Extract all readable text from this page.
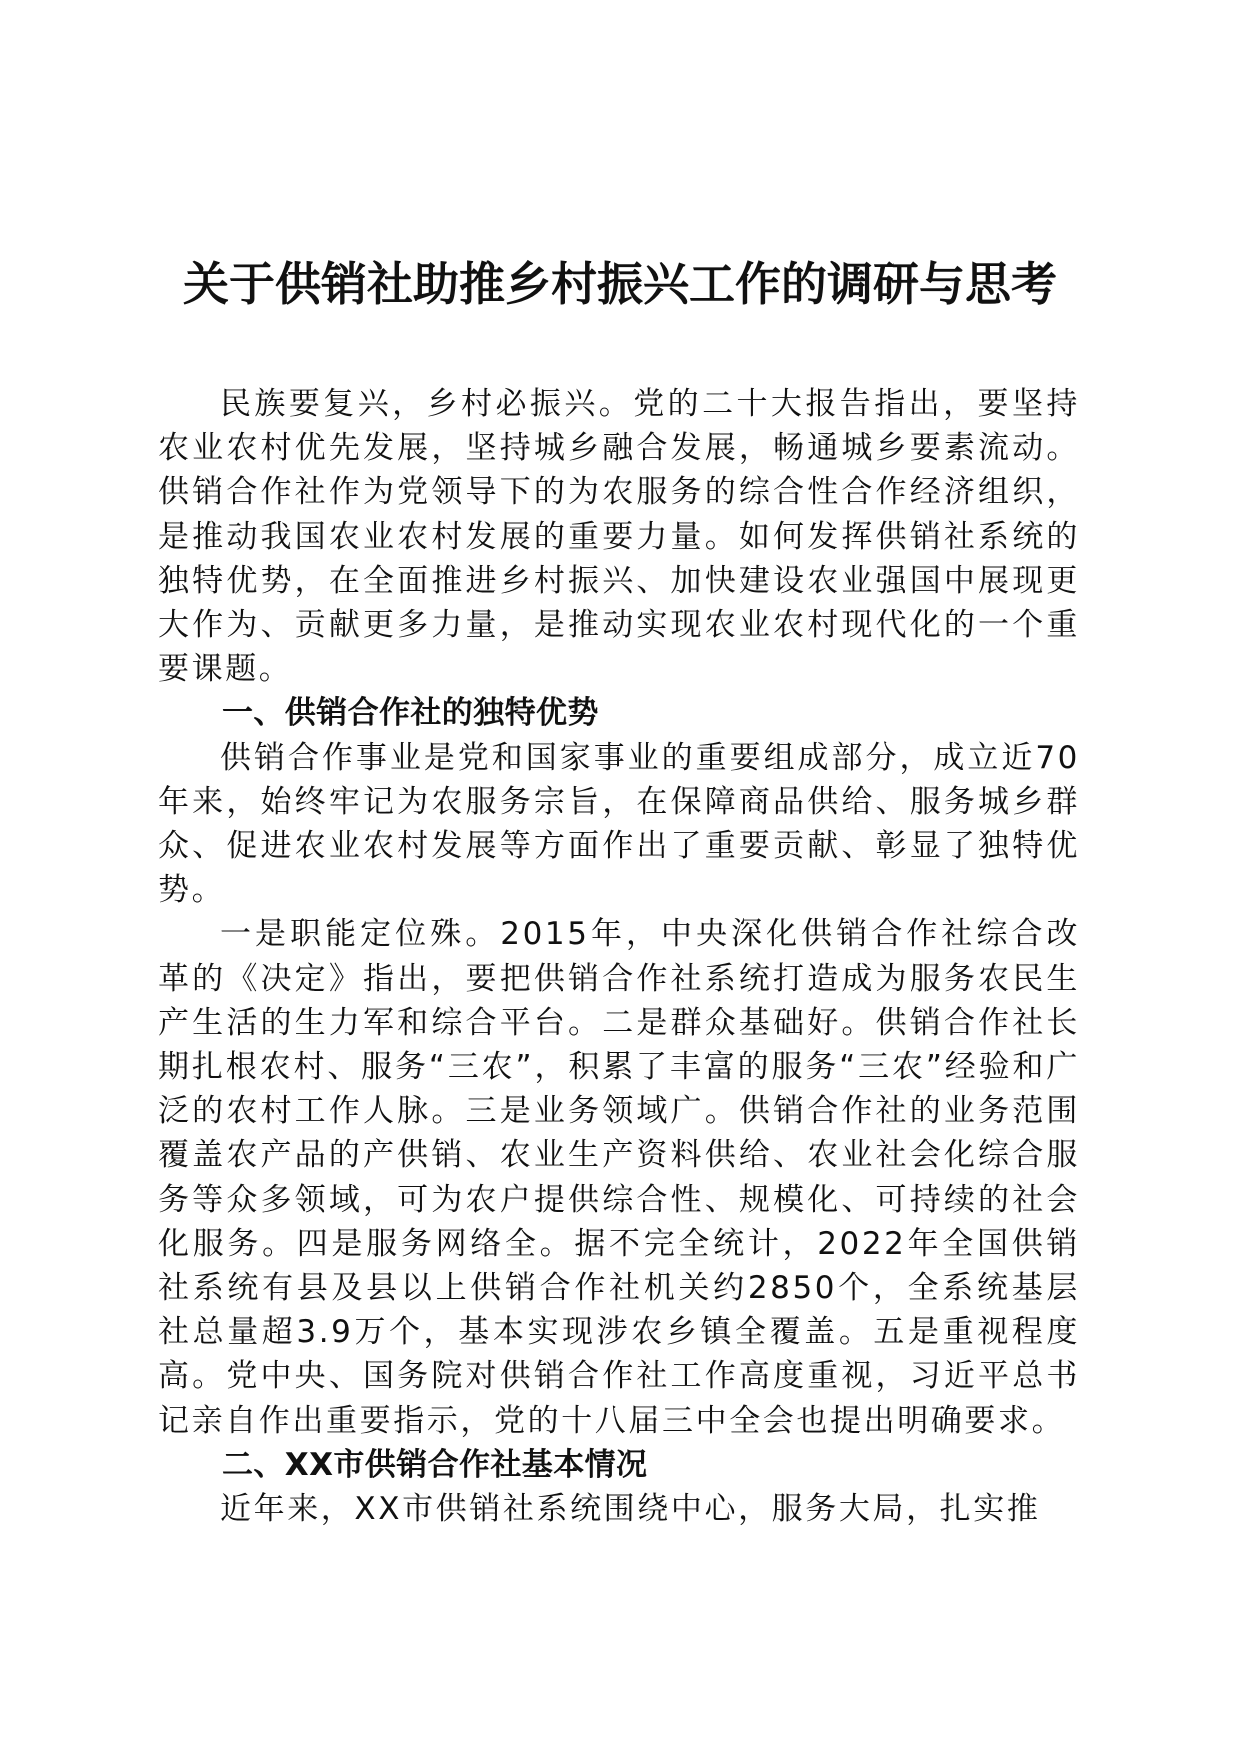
关于供销社助推乡村振兴工作的调研与思考

民族要复兴，乡村必振兴。党的二十大报告指出，要坚持农业农村优先发展，坚持城乡融合发展，畅通城乡要素流动。供销合作社作为党领导下的为农服务的综合性合作经济组织，是推动我国农业农村发展的重要力量。如何发挥供销社系统的独特优势，在全面推进乡村振兴、加快建设农业强国中展现更大作为、贡献更多力量，是推动实现农业农村现代化的一个重要课题。

一、供销合作社的独特优势

供销合作事业是党和国家事业的重要组成部分，成立近70年来，始终牢记为农服务宗旨，在保障商品供给、服务城乡群众、促进农业农村发展等方面作出了重要贡献、彰显了独特优势。

一是职能定位殊。2015年，中央深化供销合作社综合改革的《决定》指出，要把供销合作社系统打造成为服务农民生产生活的生力军和综合平台。二是群众基础好。供销合作社长期扎根农村、服务“三农”，积累了丰富的服务“三农”经验和广泛的农村工作人脉。三是业务领域广。供销合作社的业务范围覆盖农产品的产供销、农业生产资料供给、农业社会化综合服务等众多领域，可为农户提供综合性、规模化、可持续的社会化服务。四是服务网络全。据不完全统计，2022年全国供销社系统有县及县以上供销合作社机关约2850个，全系统基层社总量超3.9万个，基本实现涉农乡镇全覆盖。五是重视程度高。党中央、国务院对供销合作社工作高度重视，习近平总书记亲自作出重要指示，党的十八届三中全会也提出明确要求。

二、XX市供销合作社基本情况

近年来，XX市供销社系统围绕中心，服务大局，扎实推
